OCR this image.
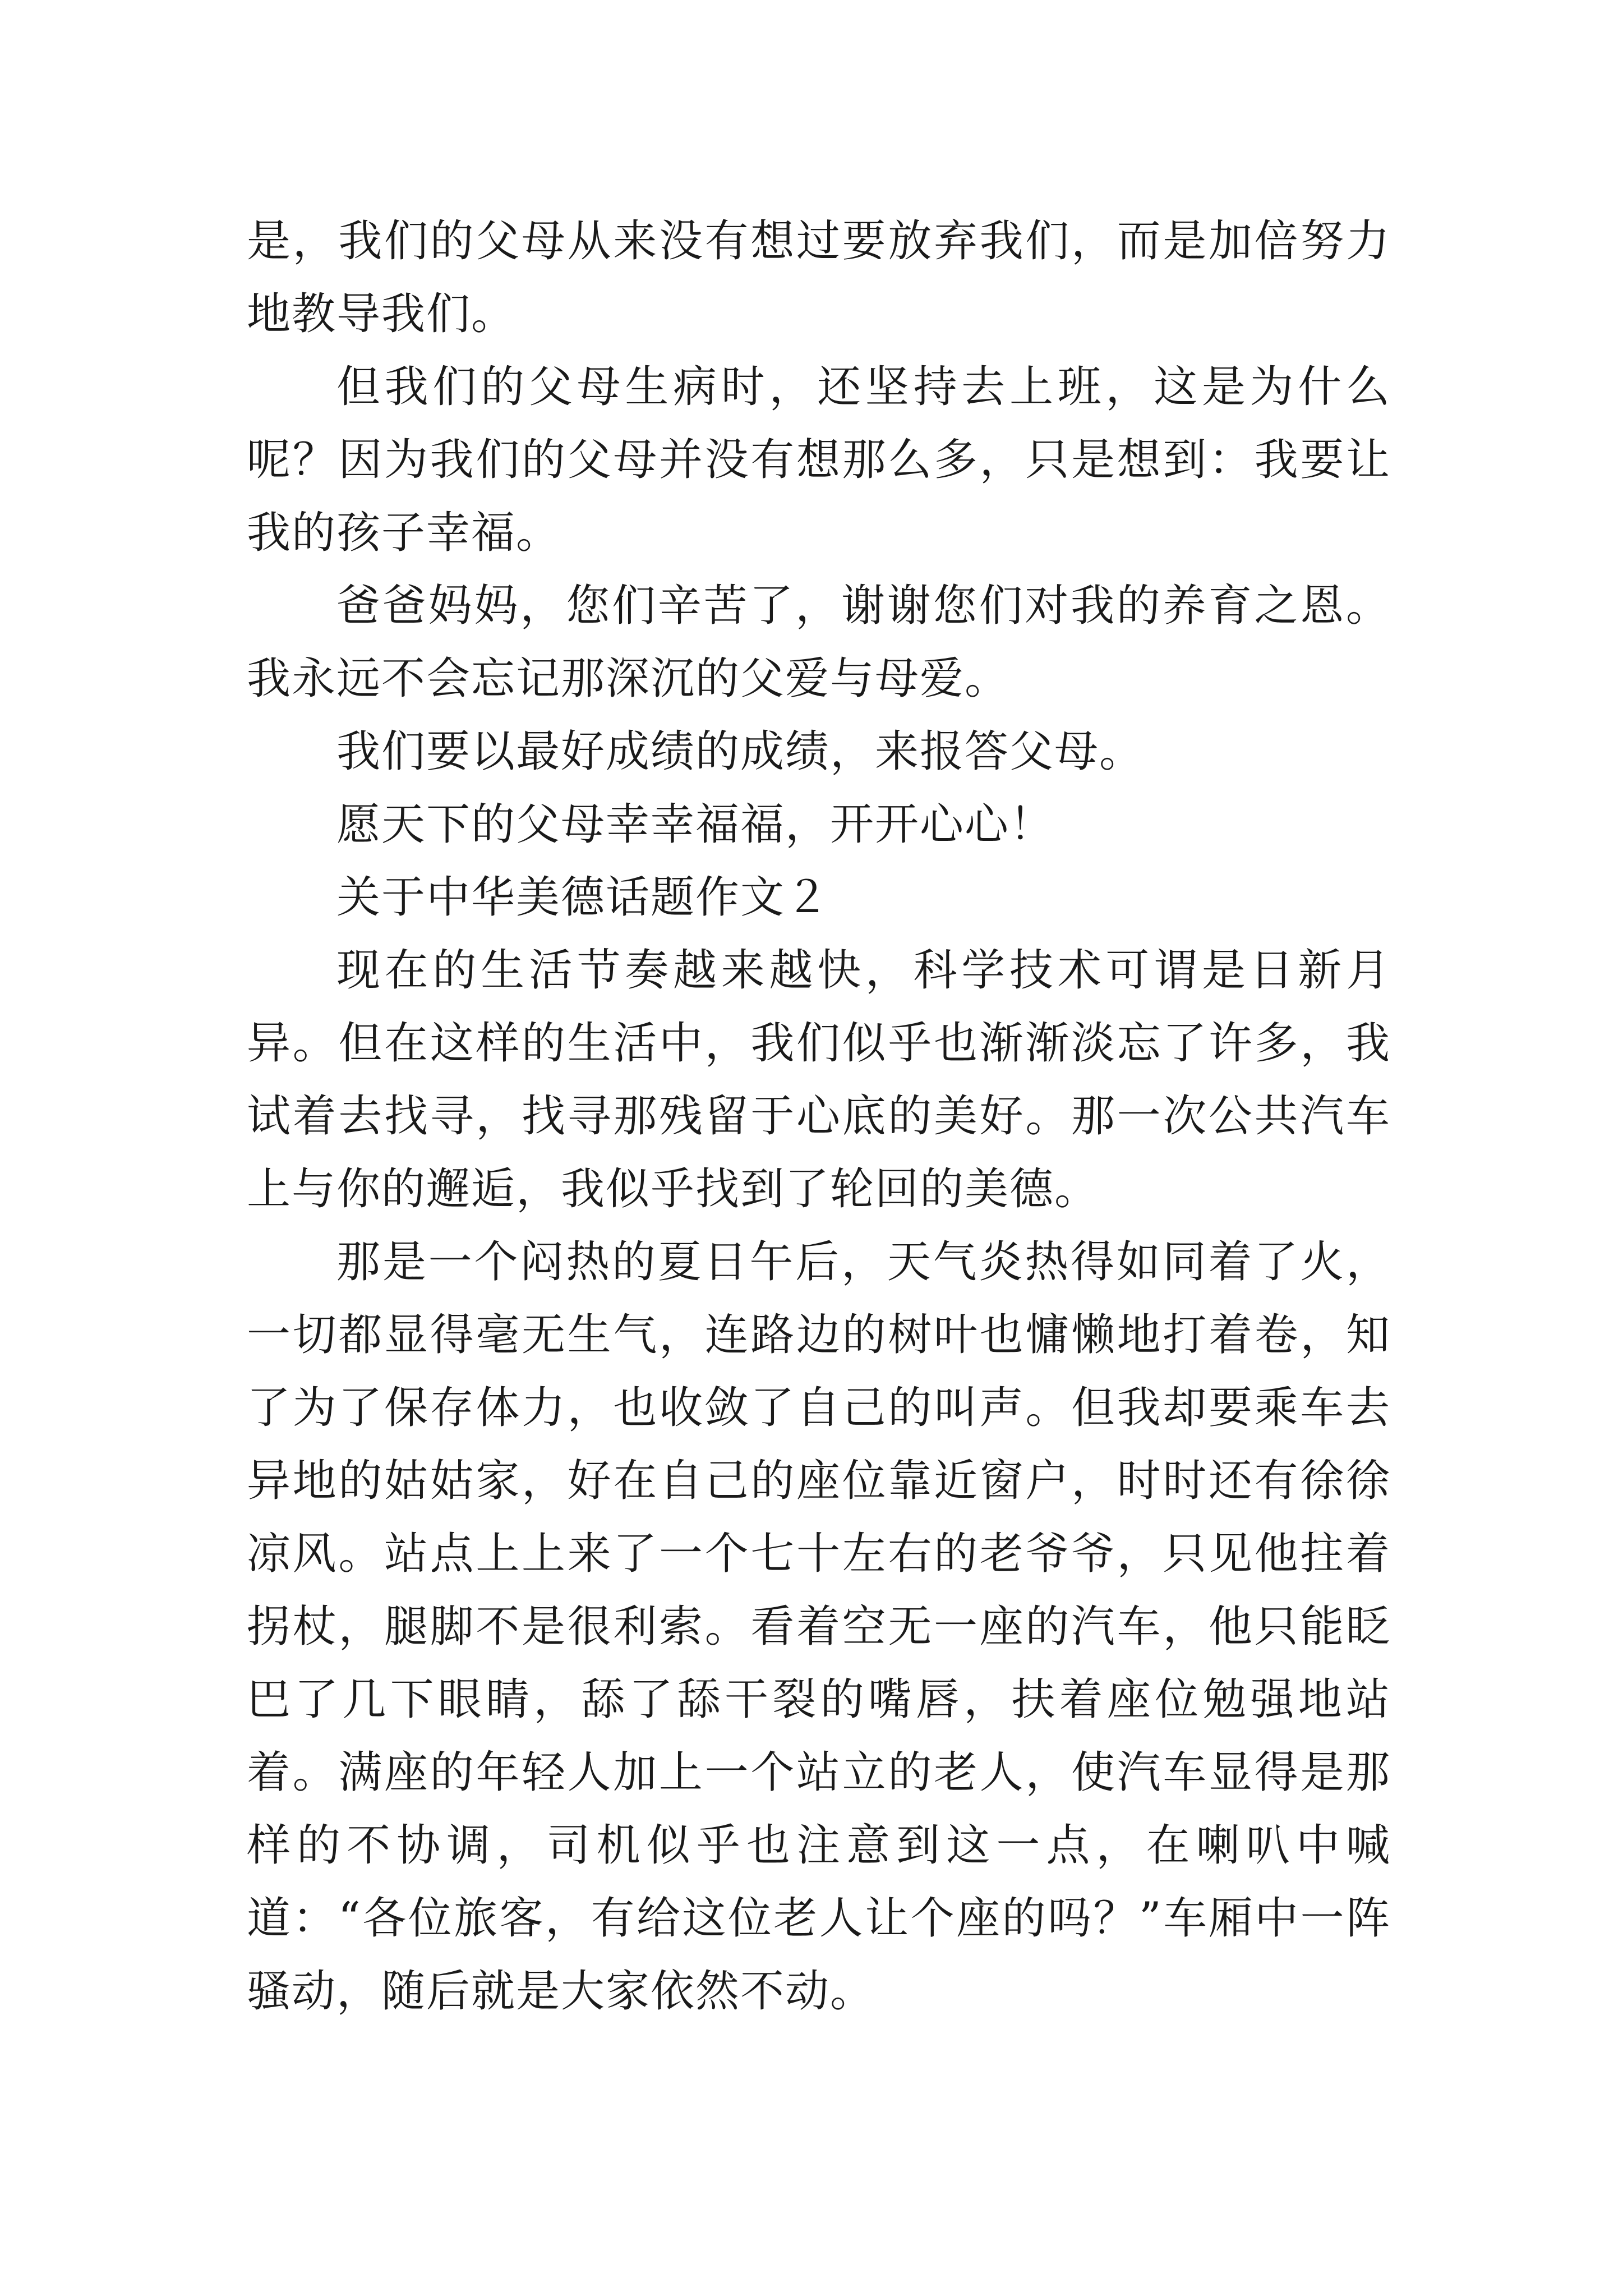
是，我们的父母从来没有想过要放弃我们，而是加倍努力地教导我们。

但我们的父母生病时，还坚持去上班，这是为什么呢？因为我们的父母并没有想那么多，只是想到：我要让我的孩子幸福。

爸爸妈妈，您们辛苦了，谢谢您们对我的养育之恩。我永远不会忘记那深沉的父爱与母爱。

我们要以最好成绩的成绩，来报答父母。

愿天下的父母幸幸福福，开开心心！

关于中华美德话题作文２

现在的生活节奏越来越快，科学技术可谓是日新月异。但在这样的生活中，我们似乎也渐渐淡忘了许多，我试着去找寻，找寻那残留于心底的美好。那一次公共汽车上与你的邂逅，我似乎找到了轮回的美德。

那是一个闷热的夏日午后，天气炎热得如同着了火，一切都显得毫无生气，连路边的树叶也慵懒地打着卷，知了为了保存体力，也收敛了自己的叫声。但我却要乘车去异地的姑姑家，好在自己的座位靠近窗户，时时还有徐徐凉风。站点上上来了一个七十左右的老爷爷，只见他拄着拐杖，腿脚不是很利索。看着空无一座的汽车，他只能眨巴了几下眼睛，舔了舔干裂的嘴唇，扶着座位勉强地站着。满座的年轻人加上一个站立的老人，使汽车显得是那样的不协调，司机似乎也注意到这一点，在喇叭中喊道：“各位旅客，有给这位老人让个座的吗？”车厢中一阵骚动，随后就是大家依然不动。
